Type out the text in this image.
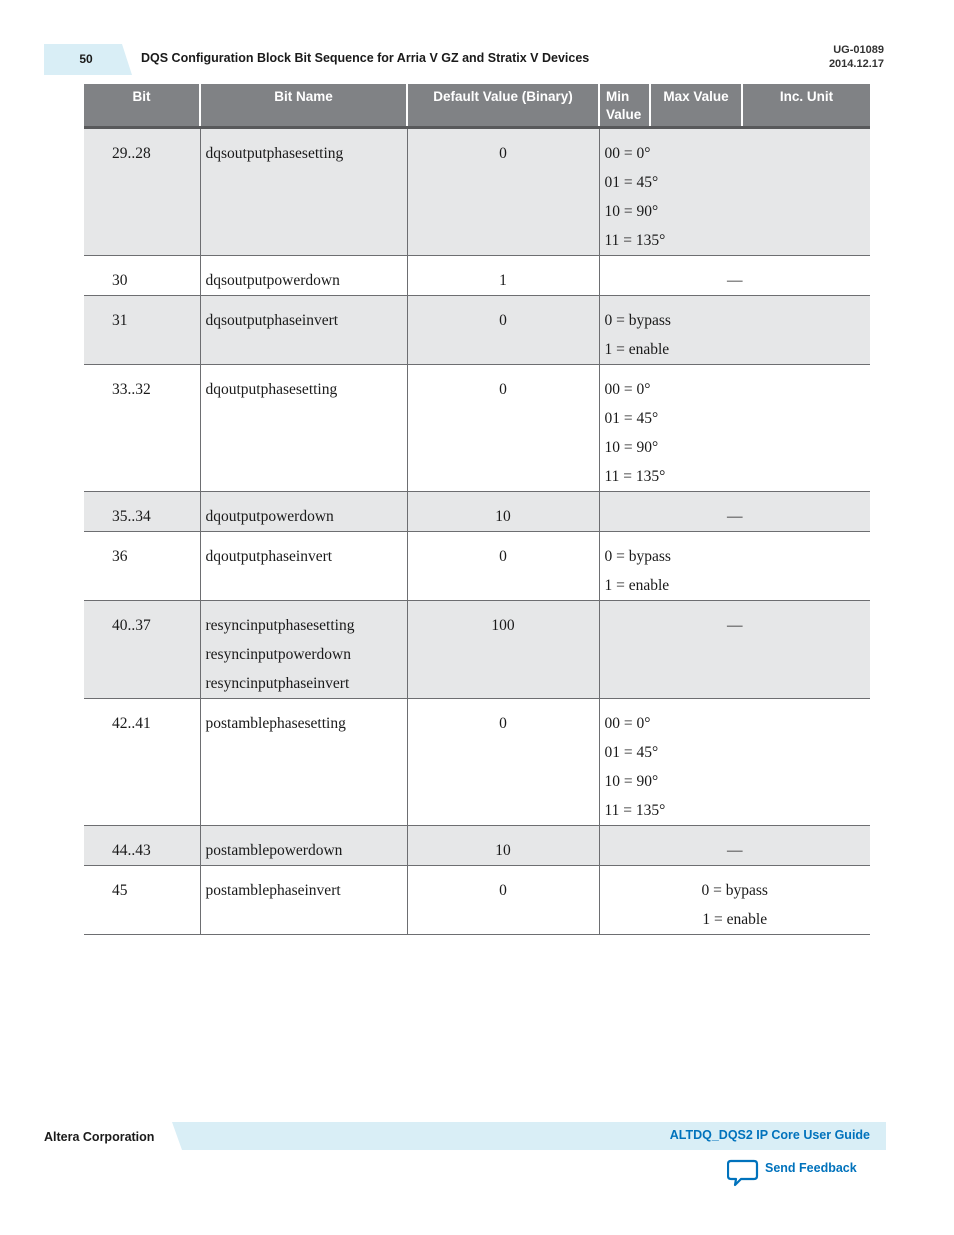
50	DQS Configuration Block Bit Sequence for Arria V GZ and Stratix V Devices
UG-01089
2014.12.17
Bit	Bit Name	Default Value (Binary)	Min Value	Max Value	Inc. Unit
29..28	dqsoutputphasesetting	0	00 = 0°
01 = 45°
10 = 90°
11 = 135°		

30	dqsoutputpowerdown	1	—		

31	dqsoutputphaseinvert	0	0 = bypass
1 = enable		

33..32	dqoutputphasesetting	0	00 = 0°
01 = 45°
10 = 90°
11 = 135°		

35..34	dqoutputpowerdown	10	—		

36	dqoutputphaseinvert	0	0 = bypass
1 = enable		

40..37	resyncinputphasesetting
resyncinputpowerdown
resyncinputphaseinvert	100	—		

42..41	postamblephasesetting	0	00 = 0°
01 = 45°
10 = 90°
11 = 135°		

44..43	postamblepowerdown	10	—		

45	postamblephaseinvert	0	0 = bypass
1 = enable		
Altera Corporation	ALTDQ_DQS2 IP Core User Guide
Send Feedback
